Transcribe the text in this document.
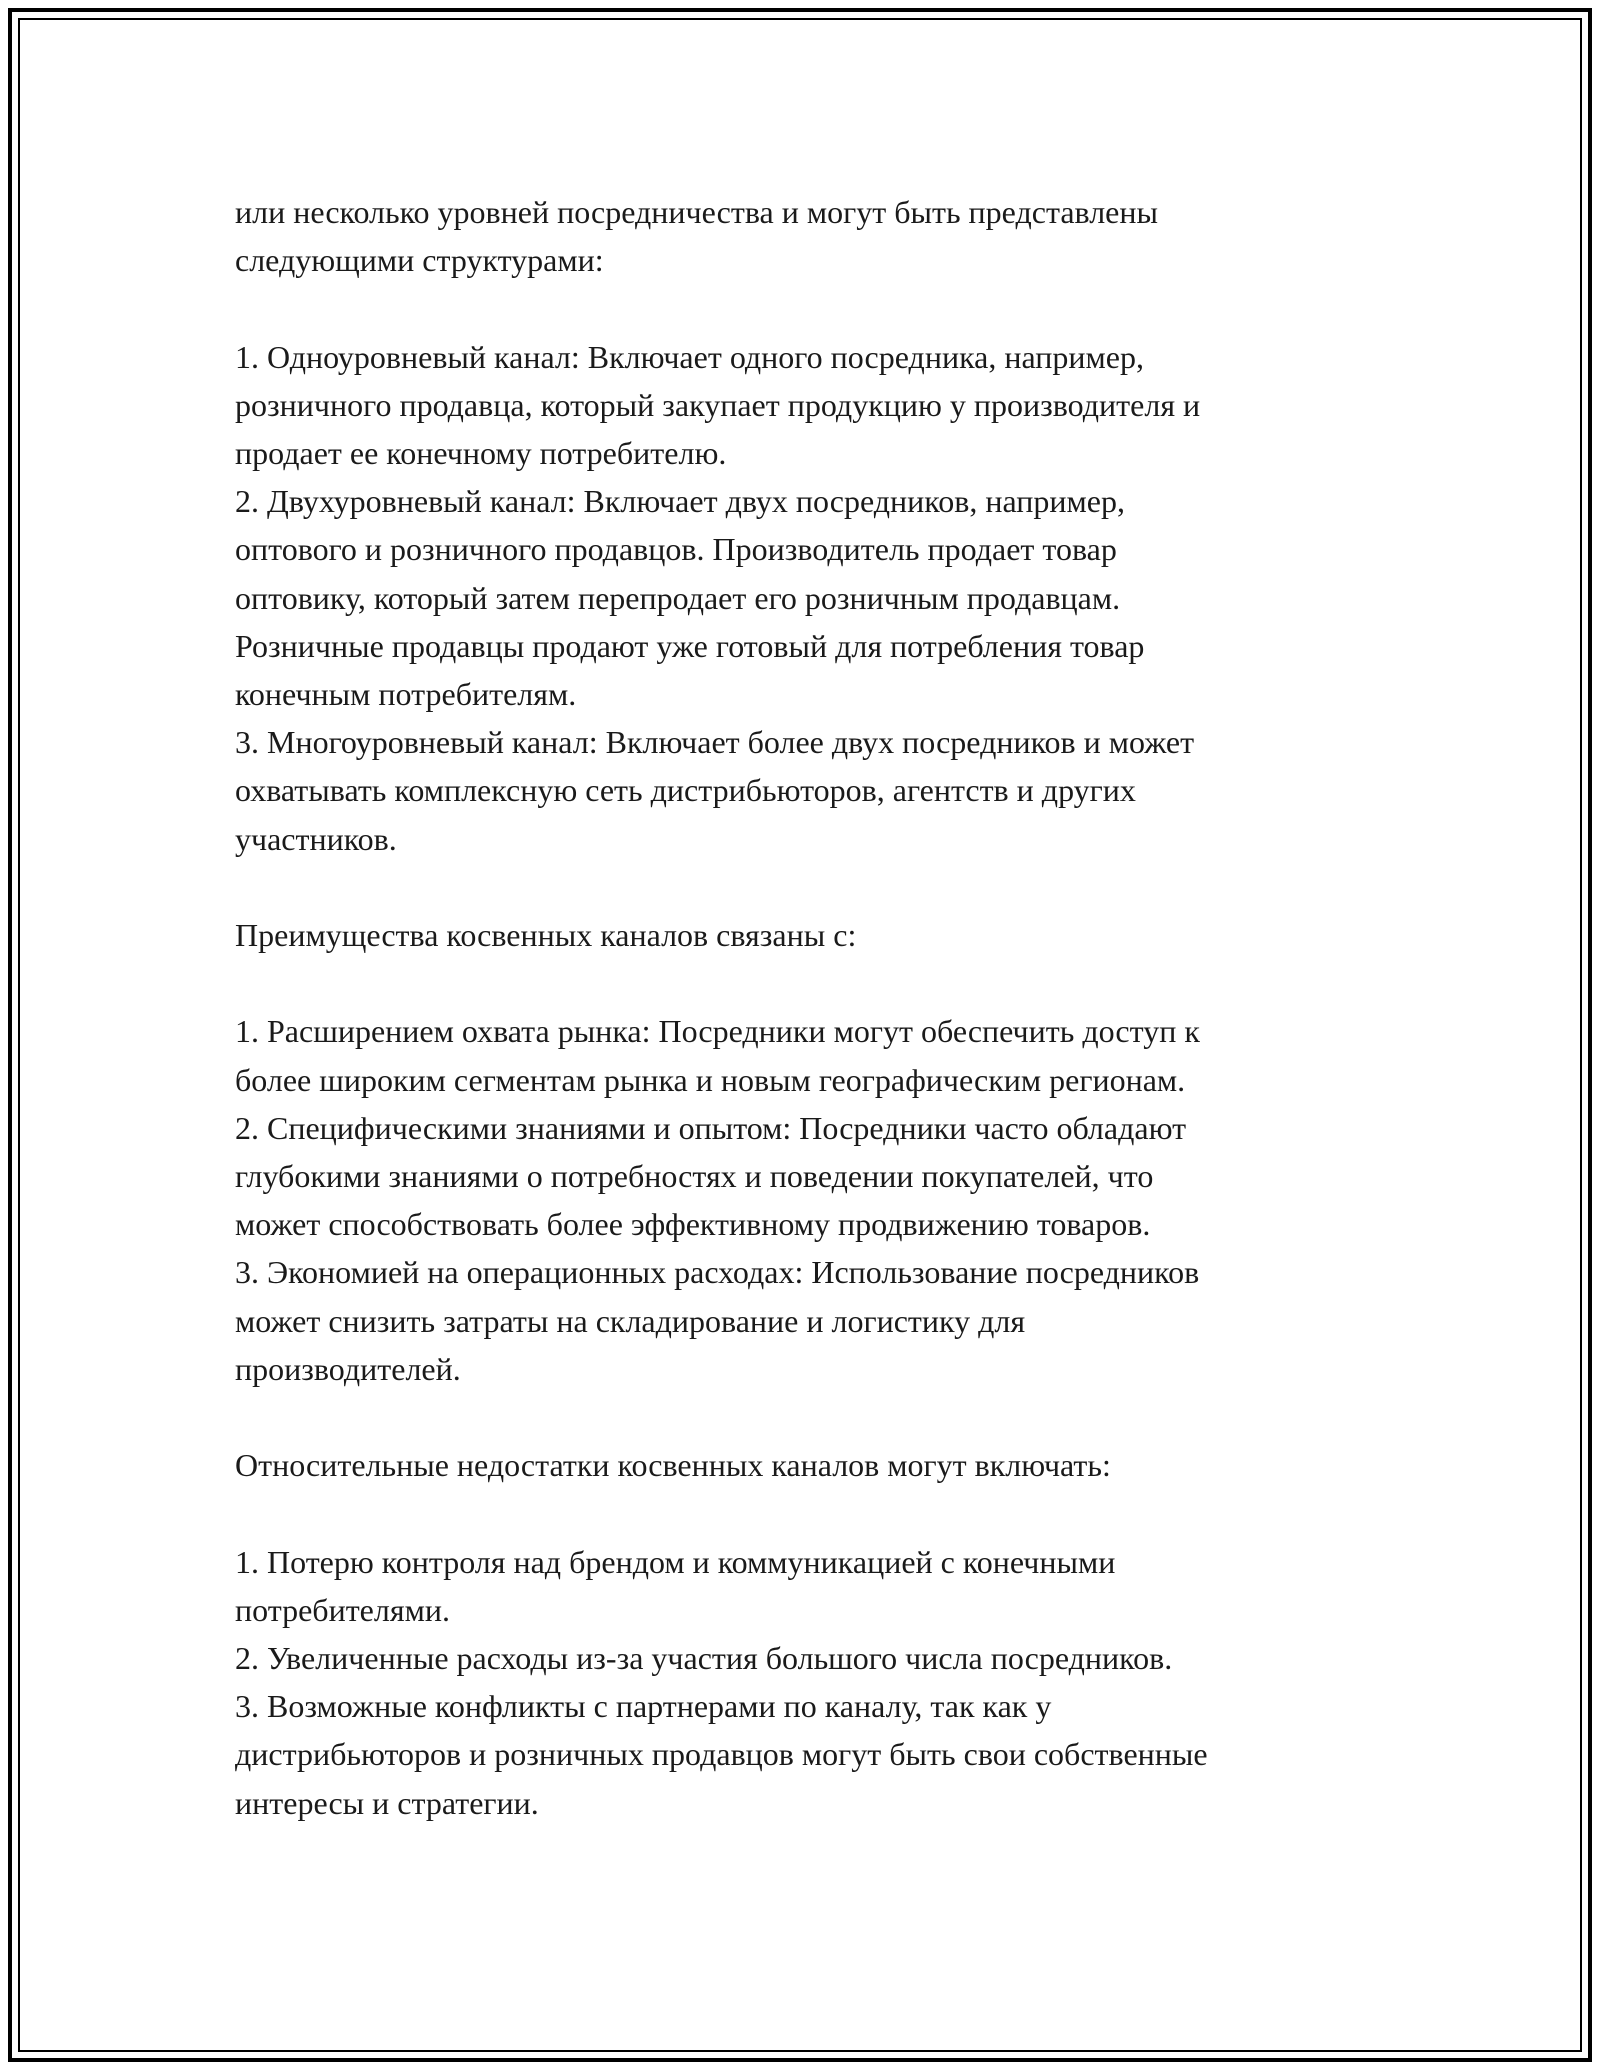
или несколько уровней посредничества и могут быть представлены
следующими структурами:

1. Одноуровневый канал: Включает одного посредника, например,
розничного продавца, который закупает продукцию у производителя и
продает ее конечному потребителю.

2. Двухуровневый канал: Включает двух посредников, например,
оптового и розничного продавцов. Производитель продает товар
оптовику, который затем перепродает его розничным продавцам.
Розничные продавцы продают уже готовый для потребления товар
конечным потребителям.

3. Многоуровневый канал: Включает более двух посредников и может
охватывать комплексную сеть дистрибьюторов, агентств и других
участников.

Преимущества косвенных каналов связаны с:

1. Расширением охвата рынка: Посредники могут обеспечить доступ к
более широким сегментам рынка и новым географическим регионам.

2. Специфическими знаниями и опытом: Посредники часто обладают
глубокими знаниями о потребностях и поведении покупателей, что
может способствовать более эффективному продвижению товаров.

3. Экономией на операционных расходах: Использование посредников
может снизить затраты на складирование и логистику для
производителей.

Относительные недостатки косвенных каналов могут включать:

1. Потерю контроля над брендом и коммуникацией с конечными
потребителями.

2. Увеличенные расходы из-за участия большого числа посредников.

3. Возможные конфликты с партнерами по каналу, так как у
дистрибьюторов и розничных продавцов могут быть свои собственные
интересы и стратегии.
